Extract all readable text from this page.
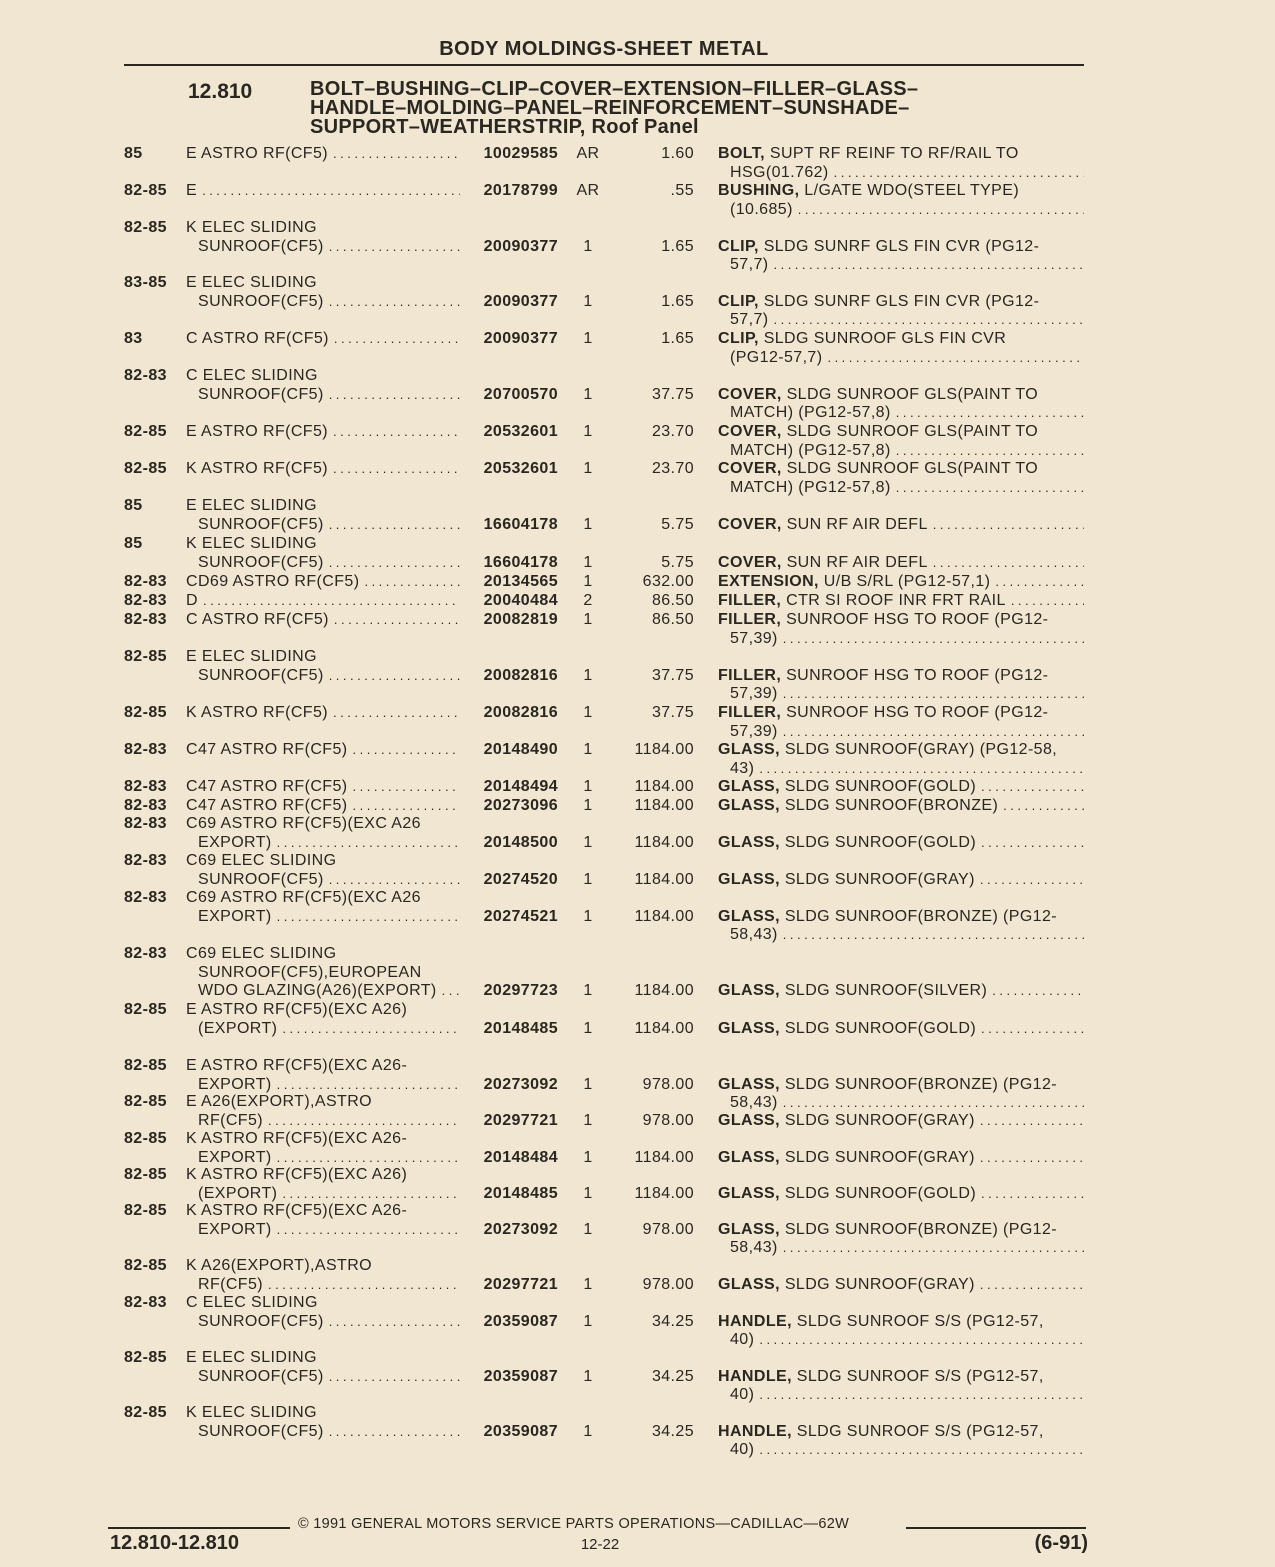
BODY MOLDINGS-SHEET METAL
12.810	BOLT–BUSHING–CLIP–COVER–EXTENSION–FILLER–GLASS–
HANDLE–MOLDING–PANEL–REINFORCEMENT–SUNSHADE–
SUPPORT–WEATHERSTRIP, Roof Panel
85	E ASTRO RF(CF5) .....	10029585	AR	1.60 BOLT,
SUPT RF REINF TO RF/RAIL TO
HSG(01.762)
.....
82-85 E .....	20178799	AR	.55 BUSHING,
L/GATE WDO(STEEL TYPE)
(10.685)
.....
82-85 K ELEC SLIDING
SUNROOF(CF5) .....	20090377	1	1.65 CLIP,
SLDG SUNRF GLS FIN CVR (PG12-
57,7)
.....
83-85 E ELEC SLIDING
SUNROOF(CF5) .....	20090377	1	1.65 CLIP,
SLDG SUNRF GLS FIN CVR (PG12-
57,7)
.....
83	C ASTRO RF(CF5) .....	20090377	1	1.65 CLIP,
SLDG SUNROOF GLS FIN CVR
(PG12-57,7)
.....
82-83 C ELEC SLIDING
SUNROOF(CF5) .....	20700570	1	37.75 COVER,
SLDG SUNROOF GLS(PAINT TO
MATCH) (PG12-57,8)
.....
82-85 E ASTRO RF(CF5) .....	20532601	1	23.70 COVER,
SLDG SUNROOF GLS(PAINT TO
MATCH) (PG12-57,8)
.....
82-85 K ASTRO RF(CF5) .....	20532601	1	23.70 COVER,
SLDG SUNROOF GLS(PAINT TO
MATCH) (PG12-57,8)
.....
85	E ELEC SLIDING
SUNROOF(CF5) .....	16604178	1	5.75 COVER,
SUN RF AIR DEFL
.....
85	K ELEC SLIDING
SUNROOF(CF5) .....	16604178	1	5.75 COVER,
SUN RF AIR DEFL
.....
82-83 CD69 ASTRO RF(CF5) .....	20134565	1	632.00 EXTENSION,
U/B S/RL (PG12-57,1)
.....
82-83 D .....	20040484	2	86.50 FILLER,
CTR SI ROOF INR FRT RAIL
.....
82-83 C ASTRO RF(CF5) .....	20082819	1	86.50 FILLER,
SUNROOF HSG TO ROOF (PG12-
57,39)
.....
82-85 E ELEC SLIDING
SUNROOF(CF5) .....	20082816	1	37.75 FILLER,
SUNROOF HSG TO ROOF (PG12-
57,39)
.....
82-85 K ASTRO RF(CF5) .....	20082816	1	37.75 FILLER,
SUNROOF HSG TO ROOF (PG12-
57,39)
.....
82-83 C47 ASTRO RF(CF5) .....	20148490	1	1184.00 GLASS,
SLDG SUNROOF(GRAY) (PG12-58,
43)
.....
82-83 C47 ASTRO RF(CF5) .....	20148494	1	1184.00 GLASS,
SLDG SUNROOF(GOLD)
.....
82-83 C47 ASTRO RF(CF5) .....	20273096	1	1184.00 GLASS,
SLDG SUNROOF(BRONZE)
.....
82-83 C69 ASTRO RF(CF5)(EXC A26
EXPORT) .....	20148500	1	1184.00 GLASS,
SLDG SUNROOF(GOLD)
.....
82-83 C69 ELEC SLIDING
SUNROOF(CF5) .....	20274520	1	1184.00 GLASS,
SLDG SUNROOF(GRAY)
.....
82-83 C69 ASTRO RF(CF5)(EXC A26
EXPORT) .....	20274521	1	1184.00 GLASS,
SLDG SUNROOF(BRONZE) (PG12-
58,43)
.....
82-83 C69 ELEC SLIDING
SUNROOF(CF5),EUROPEAN
WDO GLAZING(A26)(EXPORT) .....	20297723	1	1184.00 GLASS,
SLDG SUNROOF(SILVER)
.....
82-85 E ASTRO RF(CF5)(EXC A26)
(EXPORT) .....	20148485	1	1184.00 GLASS,
SLDG SUNROOF(GOLD)
.....
82-85 E ASTRO RF(CF5)(EXC A26-
EXPORT) .....	20273092	1	978.00 GLASS,
SLDG SUNROOF(BRONZE) (PG12-
58,43)
.....
82-85 E A26(EXPORT),ASTRO
RF(CF5) .....	20297721	1	978.00 GLASS,
SLDG SUNROOF(GRAY)
.....
82-85 K ASTRO RF(CF5)(EXC A26-
EXPORT) .....	20148484	1	1184.00 GLASS,
SLDG SUNROOF(GRAY)
.....
82-85 K ASTRO RF(CF5)(EXC A26)
(EXPORT) .....	20148485	1	1184.00 GLASS,
SLDG SUNROOF(GOLD)
.....
82-85 K ASTRO RF(CF5)(EXC A26-
EXPORT) .....	20273092	1	978.00 GLASS,
SLDG SUNROOF(BRONZE) (PG12-
58,43)
.....
82-85 K A26(EXPORT),ASTRO
RF(CF5) .....	20297721	1	978.00 GLASS,
SLDG SUNROOF(GRAY)
.....
82-83 C ELEC SLIDING
SUNROOF(CF5) .....	20359087	1	34.25 HANDLE,
SLDG SUNROOF S/S (PG12-57,
40)
.....
82-85 E ELEC SLIDING
SUNROOF(CF5) .....	20359087	1	34.25 HANDLE,
SLDG SUNROOF S/S (PG12-57,
40)
.....
82-85 K ELEC SLIDING
SUNROOF(CF5) .....	20359087	1	34.25 HANDLE,
SLDG SUNROOF S/S (PG12-57,
40)
.....
© 1991 GENERAL MOTORS SERVICE PARTS OPERATIONS—CADILLAC—62W
12.810-12.810	12-22	(6-91)
